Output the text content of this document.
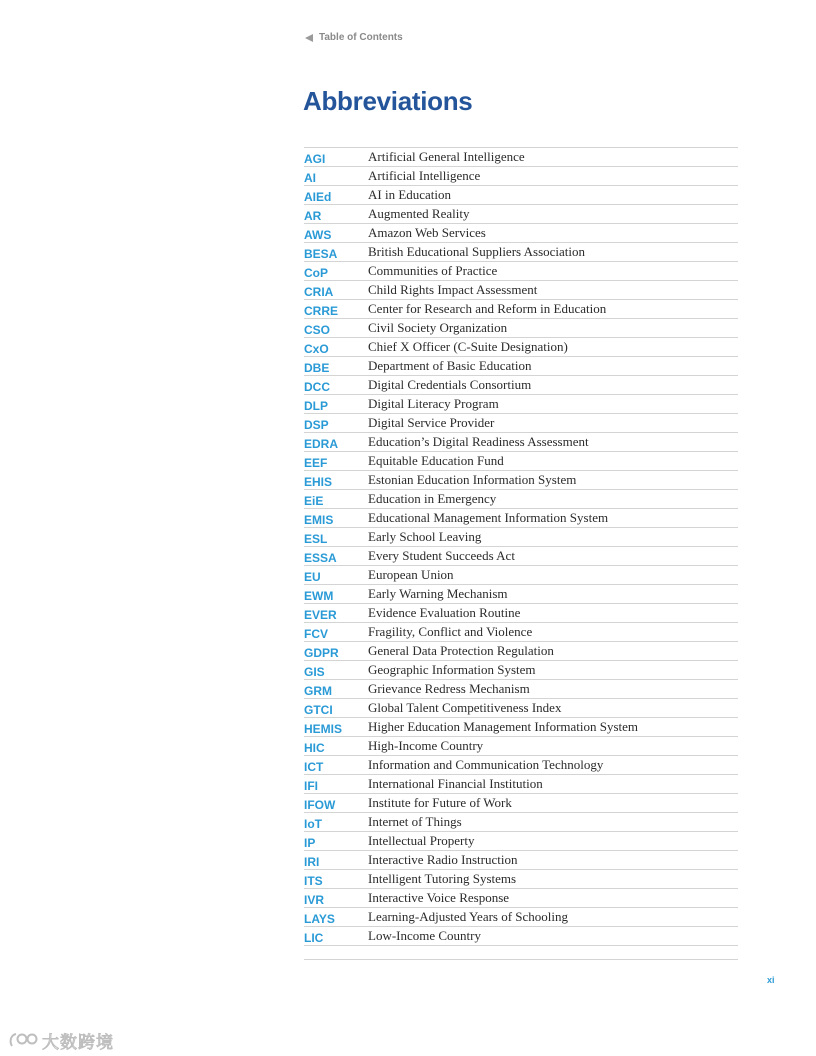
Table of Contents
Abbreviations
AGI	Artificial General Intelligence
AI	Artificial Intelligence
AIEd	AI in Education
AR	Augmented Reality
AWS	Amazon Web Services
BESA	British Educational Suppliers Association
CoP	Communities of Practice
CRIA	Child Rights Impact Assessment
CRRE	Center for Research and Reform in Education
CSO	Civil Society Organization
CxO	Chief X Officer (C-Suite Designation)
DBE	Department of Basic Education
DCC	Digital Credentials Consortium
DLP	Digital Literacy Program
DSP	Digital Service Provider
EDRA	Education’s Digital Readiness Assessment
EEF	Equitable Education Fund
EHIS	Estonian Education Information System
EiE	Education in Emergency
EMIS	Educational Management Information System
ESL	Early School Leaving
ESSA	Every Student Succeeds Act
EU	European Union
EWM	Early Warning Mechanism
EVER	Evidence Evaluation Routine
FCV	Fragility, Conflict and Violence
GDPR	General Data Protection Regulation
GIS	Geographic Information System
GRM	Grievance Redress Mechanism
GTCI	Global Talent Competitiveness Index
HEMIS	Higher Education Management Information System
HIC	High-Income Country
ICT	Information and Communication Technology
IFI	International Financial Institution
IFOW	Institute for Future of Work
IoT	Internet of Things
IP	Intellectual Property
IRI	Interactive Radio Instruction
ITS	Intelligent Tutoring Systems
IVR	Interactive Voice Response
LAYS	Learning-Adjusted Years of Schooling
LIC	Low-Income Country
xi
大数跨境
